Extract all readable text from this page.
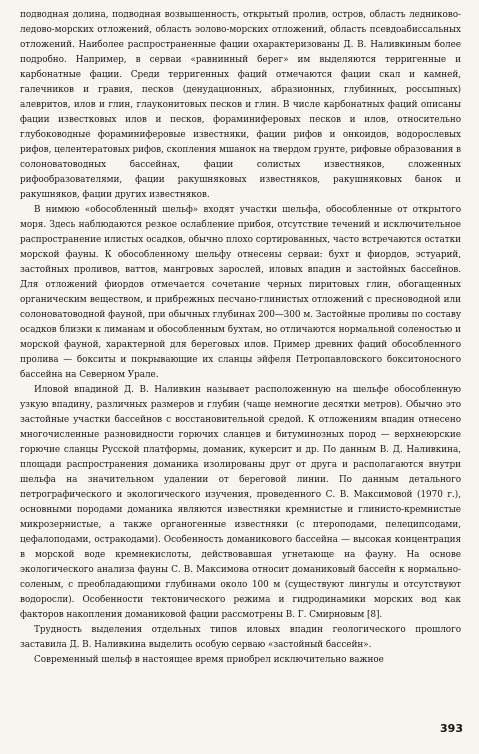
подводная долина, подводная возвышенность, открытый пролив, остров, область ледниково-ледово-морских отложений, область эолово-морских отложений, область псевдоабиссальных отложений. Наиболее распространенные фации охарактеризованы Д. В. Наливкиным более подробно. Например, в серваи «равнинный берег» им выделяются терригенные и карбонатные фации. Среди терригенных фаций отмечаются фации скал и камней, галечников и гравия, песков (денудационных, абразионных, глубинных, россыпных) алевритов, илов и глин, глауконитовых песков и глин. В числе карбонатных фаций описаны фации известковых илов и песков, фораминиферовых песков и илов, относительно глубоководные фораминиферовые известняки, фации рифов и онкоидов, водорослевых рифов, целентератовых рифов, скопления мшанок на твердом грунте, рифовые образования в солоноватоводных бассейнах, фации солистых известняков, сложенных рифообразователями, фации ракушняковых известняков, ракушняковых банок и ракушняков, фации других известняков.

В нимюю «обособленный шельф» входят участки шельфа, обособленные от открытого моря. Здесь наблюдаются резкое ослабление прибоя, отсутствие течений и исключительное распространение илистых осадков, обычно плохо сортированных, часто встречаются остатки морской фауны. К обособленному шельфу отнесены серваи: бухт и фиордов, эстуарий, застойных проливов, ваттов, мангровых зарослей, иловых впадин и застойных бассейнов. Для отложений фиордов отмечается сочетание черных пиритовых глин, обогащенных органическим веществом, и прибрежных песчано-глинистых отложений с пресноводной или солоноватоводной фауной, при обычных глубинах 200—300 м. Застойные проливы по составу осадков близки к лиманам и обособленным бухтам, но отличаются нормальной соленостью и морской фауной, характерной для береговых илов. Пример древних фаций обособленного пролива — бокситы и покрывающие их сланцы эйфеля Петропавловского бокситоносного бассейна на Северном Урале.

Иловой впадиной Д. В. Наливкин называет расположенную на шельфе обособленную узкую впадину, различных размеров и глубин (чаще немногие десятки метров). Обычно это застойные участки бассейнов с восстановительной средой. К отложениям впадин отнесено многочисленные разновидности горючих сланцев и битуминозных пород — верхнеюрские горючие сланцы Русской платформы, доманик, кукерсит и др. По данным В. Д. Наливкина, площади распространения доманика изолированы друг от друга и располагаются внутри шельфа на значительном удалении от береговой линии. По данным детального петрографического и экологического изучения, проведенного С. В. Максимовой (1970 г.), основными породами доманика являются известняки кремнистые и глинисто-кремнистые микрозернистые, а также органогенные известняки (с птероподами, пелеципсодами, цефалоподами, остракодами). Особенность доманикового бассейна — высокая концентрация в морской воде кремнекислоты, действовавшая угнетающе на фауну. На основе экологического анализа фауны С. В. Максимова относит доманиковый бассейн к нормально-соленым, с преобладающими глубинами около 100 м (существуют лингулы и отсутствуют водоросли). Особенности тектонического режима и гидродинамики морских вод как факторов накопления доманиковой фации рассмотрены В. Г. Смирновым [8].

Трудность выделения отдельных типов иловых впадин геологического прошлого заставила Д. В. Наливкина выделить особую серваю «застойный бассейн».

Современный шельф в настоящее время приобрел исключительно важное

393
